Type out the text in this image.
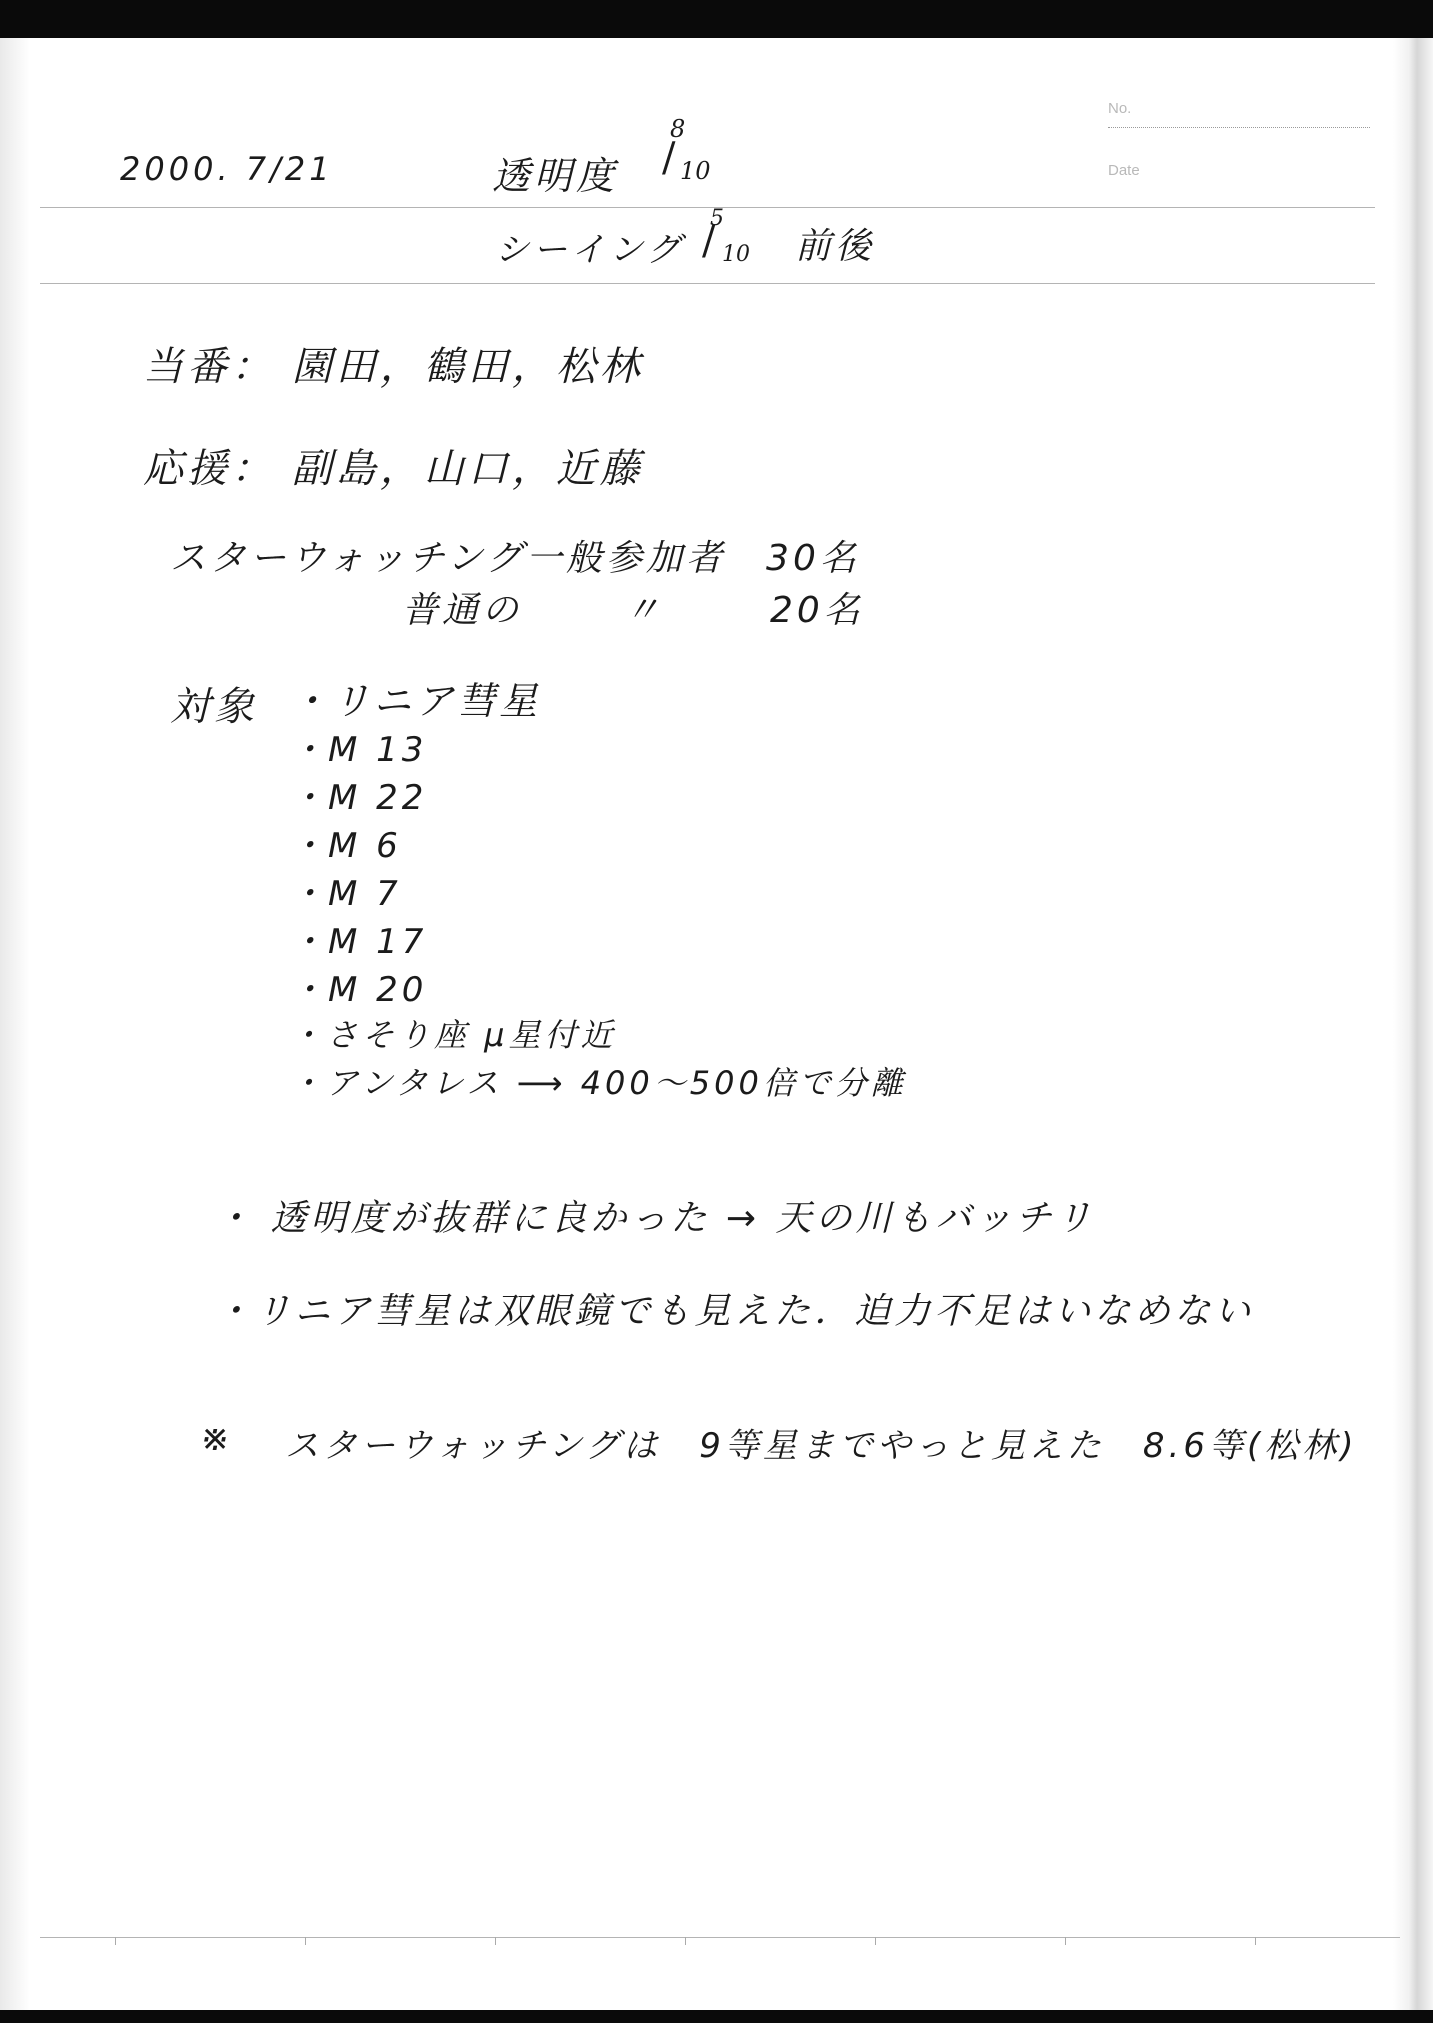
No.
Date
2000. 7/21	透明度
8
/ 10
シーイング
5
/ 10 前後
当番： 園田，鶴田，松林
応援： 副島，山口，近藤
スターウォッチング一般参加者　30名
普通の	〃	20名
対象 ・リニア彗星
・M 13
・M 22
・M 6
・M 7
・M 17
・M 20
・さそり座 μ星付近
・アンタレス ⟶ 400〜500倍で分離
・ 透明度が抜群に良かった → 天の川もバッチリ
・リニア彗星は双眼鏡でも見えた．迫力不足はいなめない
※ スターウォッチングは　9等星までやっと見えた　8.6等(松林)
